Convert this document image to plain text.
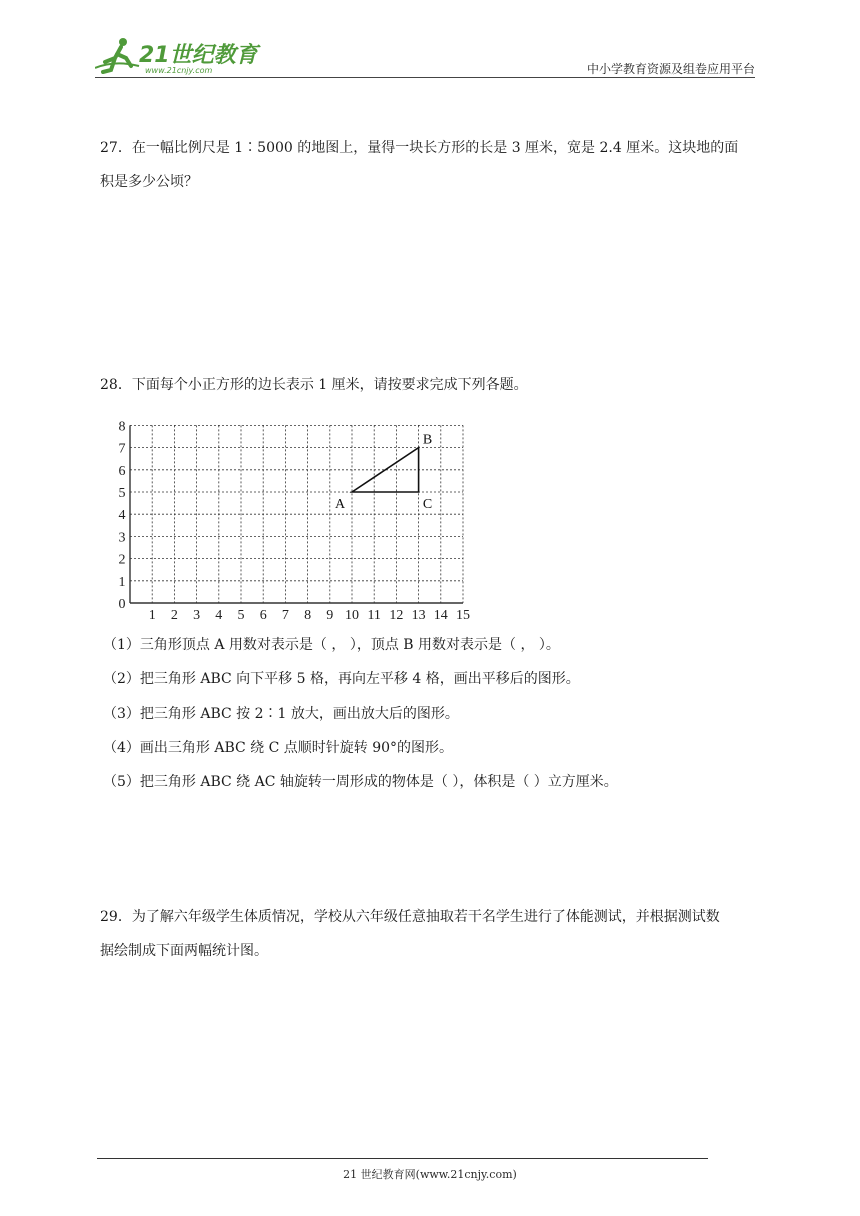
21世纪教育
www.21cnjy.com	中小学教育资源及组卷应用平台
27．在一幅比例尺是 1∶5000 的地图上，量得一块长方形的长是 3 厘米，宽是 2.4 厘米。这块地的面
积是多少公顷？
28．下面每个小正方形的边长表示 1 厘米，请按要求完成下列各题。
1 2 3 4 5 6 7 8 9 10 11 12 13 14 15
0
1
2
3
4
5
6
7
8
A
B
C
（1）三角形顶点 A 用数对表示是（ ， ），顶点 B 用数对表示是（ ， ）。
（2）把三角形 ABC 向下平移 5 格，再向左平移 4 格，画出平移后的图形。
（3）把三角形 ABC 按 2∶1 放大，画出放大后的图形。
（4）画出三角形 ABC 绕 C 点顺时针旋转 90°的图形。
（5）把三角形 ABC 绕 AC 轴旋转一周形成的物体是（ ），体积是（ ）立方厘米。
29．为了解六年级学生体质情况，学校从六年级任意抽取若干名学生进行了体能测试，并根据测试数
据绘制成下面两幅统计图。
21 世纪教育网(www.21cnjy.com)
